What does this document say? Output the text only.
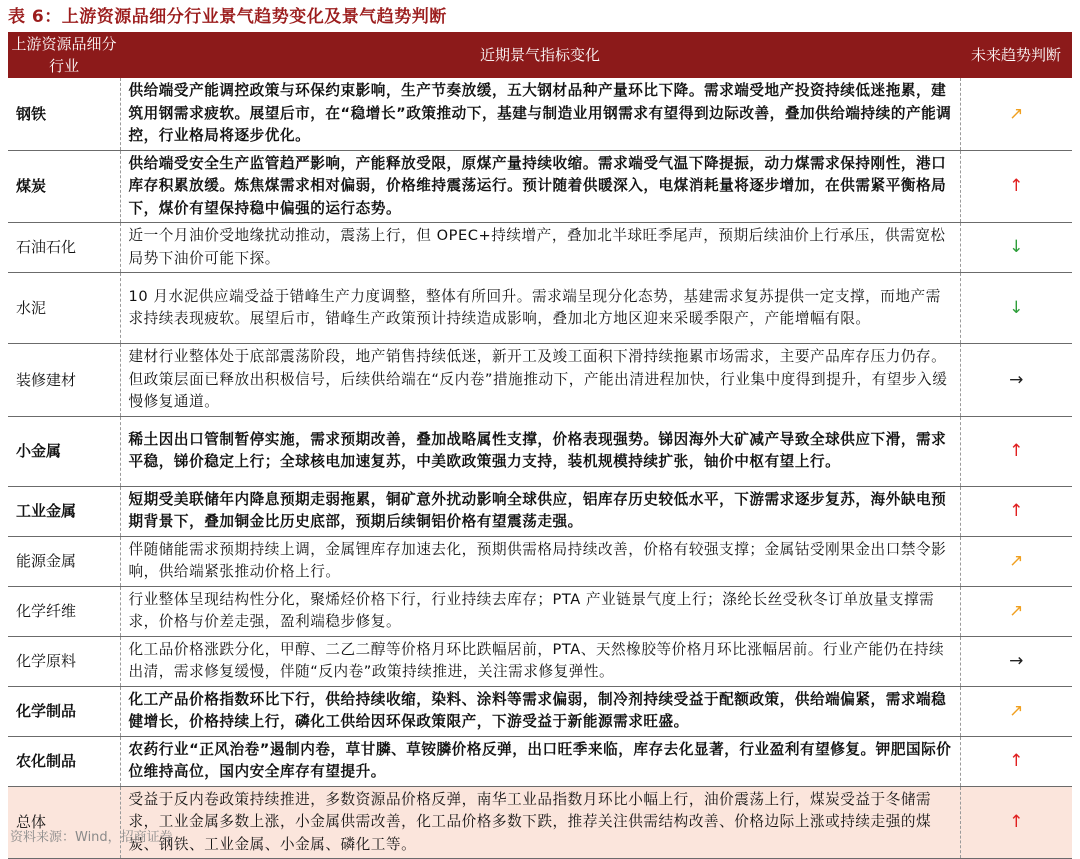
表 6：上游资源品细分行业景气趋势变化及景气趋势判断
上游资源品细分行业	近期景气指标变化	未来趋势判断
钢铁	供给端受产能调控政策与环保约束影响，生产节奏放缓，五大钢材品种产量环比下降。需求端受地产投资持续低迷拖累，建筑用钢需求疲软。展望后市，在“稳增长”政策推动下，基建与制造业用钢需求有望得到边际改善，叠加供给端持续的产能调控，行业格局将逐步优化。	↗
煤炭	供给端受安全生产监管趋严影响，产能释放受限，原煤产量持续收缩。需求端受气温下降提振，动力煤需求保持刚性，港口库存积累放缓。炼焦煤需求相对偏弱，价格维持震荡运行。预计随着供暖深入，电煤消耗量将逐步增加，在供需紧平衡格局下，煤价有望保持稳中偏强的运行态势。	↑
石油石化	近一个月油价受地缘扰动推动，震荡上行，但 OPEC+持续增产，叠加北半球旺季尾声，预期后续油价上行承压，供需宽松局势下油价可能下探。	↓
水泥	10 月水泥供应端受益于错峰生产力度调整，整体有所回升。需求端呈现分化态势，基建需求复苏提供一定支撑，而地产需求持续表现疲软。展望后市，错峰生产政策预计持续造成影响，叠加北方地区迎来采暖季限产，产能增幅有限。	↓
装修建材	建材行业整体处于底部震荡阶段，地产销售持续低迷，新开工及竣工面积下滑持续拖累市场需求，主要产品库存压力仍存。但政策层面已释放出积极信号，后续供给端在“反内卷”措施推动下，产能出清进程加快，行业集中度得到提升，有望步入缓慢修复通道。	→
小金属	稀土因出口管制暂停实施，需求预期改善，叠加战略属性支撑，价格表现强势。锑因海外大矿减产导致全球供应下滑，需求平稳，锑价稳定上行；全球核电加速复苏，中美欧政策强力支持，装机规模持续扩张，铀价中枢有望上行。	↑
工业金属	短期受美联储年内降息预期走弱拖累，铜矿意外扰动影响全球供应，铝库存历史较低水平，下游需求逐步复苏，海外缺电预期背景下，叠加铜金比历史底部，预期后续铜铝价格有望震荡走强。	↑
能源金属	伴随储能需求预期持续上调，金属锂库存加速去化，预期供需格局持续改善，价格有较强支撑；金属钴受刚果金出口禁令影响，供给端紧张推动价格上行。	↗
化学纤维	行业整体呈现结构性分化，聚烯烃价格下行，行业持续去库存；PTA 产业链景气度上行；涤纶长丝受秋冬订单放量支撑需求，价格与价差走强，盈利端稳步修复。	↗
化学原料	化工品价格涨跌分化，甲醇、二乙二醇等价格月环比跌幅居前，PTA、天然橡胶等价格月环比涨幅居前。行业产能仍在持续出清，需求修复缓慢，伴随“反内卷”政策持续推进，关注需求修复弹性。	→
化学制品	化工产品价格指数环比下行，供给持续收缩，染料、涂料等需求偏弱，制冷剂持续受益于配额政策，供给端偏紧，需求端稳健增长，价格持续上行，磷化工供给因环保政策限产，下游受益于新能源需求旺盛。	↗
农化制品	农药行业“正风治卷”遏制内卷，草甘膦、草铵膦价格反弹，出口旺季来临，库存去化显著，行业盈利有望修复。钾肥国际价位维持高位，国内安全库存有望提升。	↑
总体	受益于反内卷政策持续推进，多数资源品价格反弹，南华工业品指数月环比小幅上行，油价震荡上行，煤炭受益于冬储需求，工业金属多数上涨，小金属供需改善，化工品价格多数下跌，推荐关注供需结构改善、价格边际上涨或持续走强的煤炭、钢铁、工业金属、小金属、磷化工等。	↑
资料来源：Wind，招商证券
